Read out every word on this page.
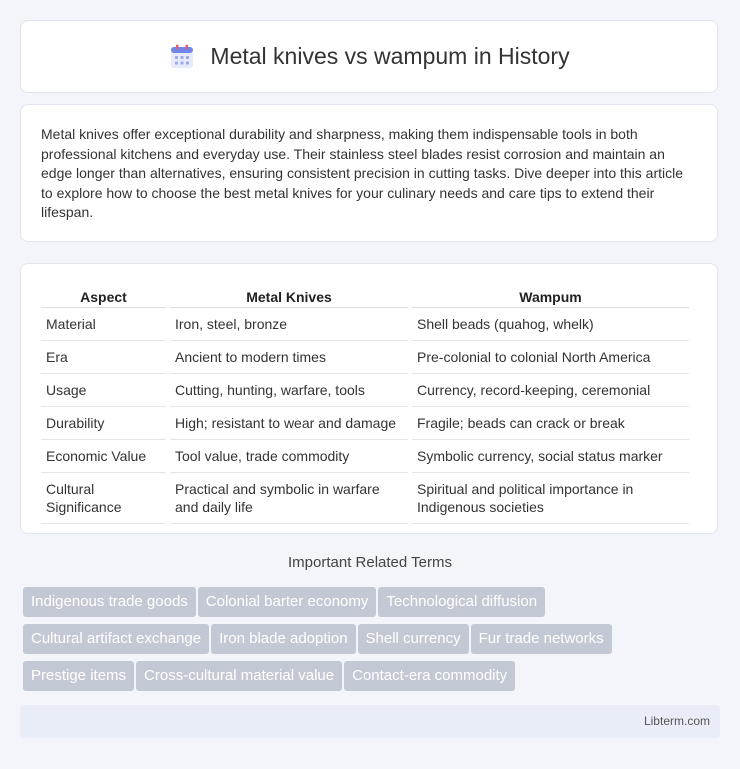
Metal knives vs wampum in History
Metal knives offer exceptional durability and sharpness, making them indispensable tools in both professional kitchens and everyday use. Their stainless steel blades resist corrosion and maintain an edge longer than alternatives, ensuring consistent precision in cutting tasks. Dive deeper into this article to explore how to choose the best metal knives for your culinary needs and care tips to extend their lifespan.
Aspect	Metal Knives	Wampum
Material	Iron, steel, bronze	Shell beads (quahog, whelk)
Era	Ancient to modern times	Pre-colonial to colonial North America
Usage	Cutting, hunting, warfare, tools	Currency, record-keeping, ceremonial
Durability	High; resistant to wear and damage	Fragile; beads can crack or break
Economic Value	Tool value, trade commodity	Symbolic currency, social status marker
Cultural Significance	Practical and symbolic in warfare and daily life	Spiritual and political importance in Indigenous societies
Important Related Terms
Indigenous trade goods Colonial barter economy Technological diffusion
Cultural artifact exchange Iron blade adoption Shell currency Fur trade networks
Prestige items Cross-cultural material value Contact-era commodity
Libterm.com
